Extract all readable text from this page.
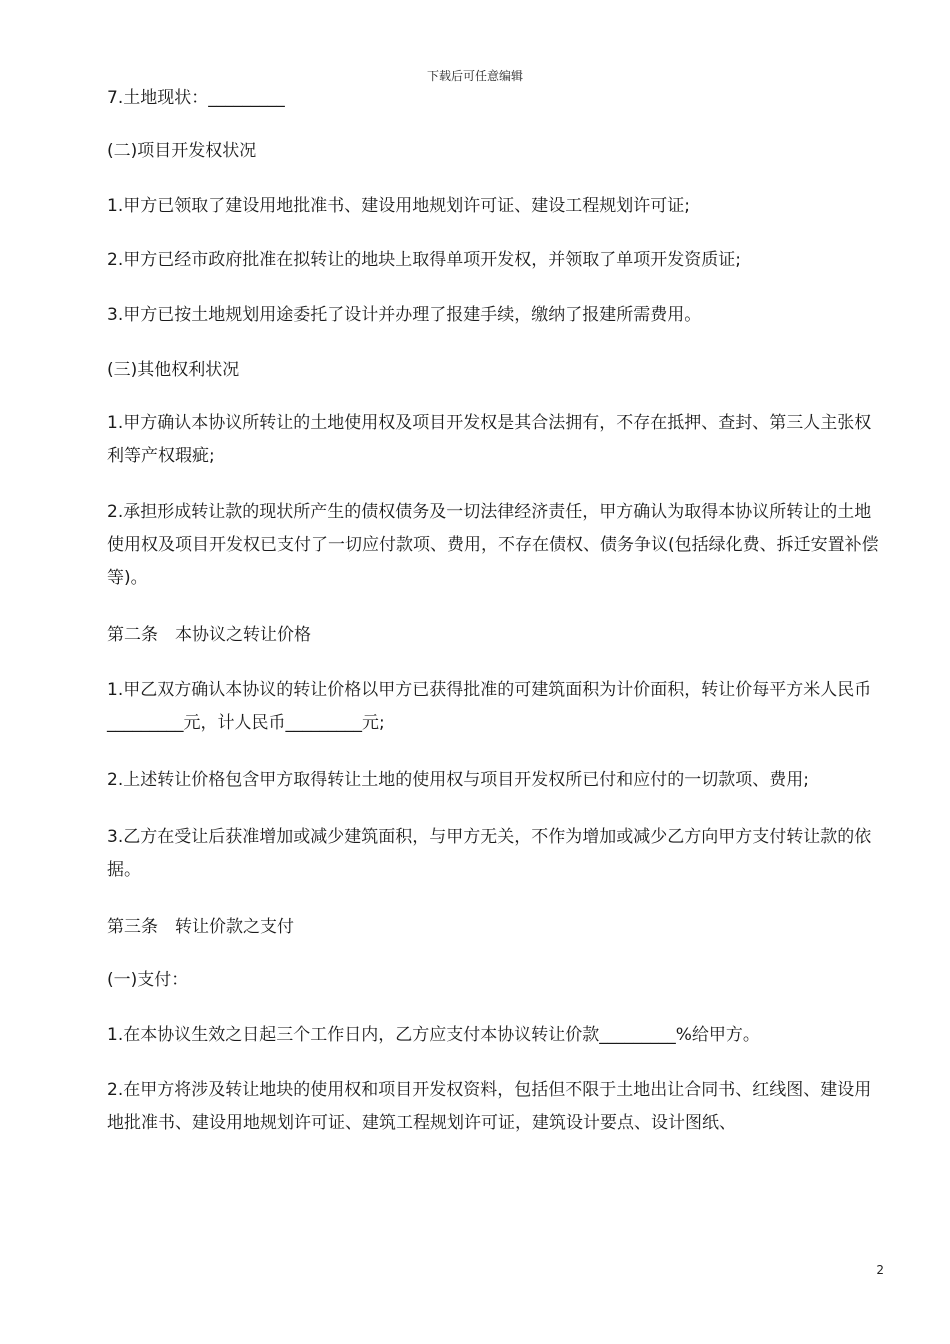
下载后可任意编辑

7.土地现状：_________

(二)项目开发权状况

1.甲方已领取了建设用地批准书、建设用地规划许可证、建设工程规划许可证;

2.甲方已经市政府批准在拟转让的地块上取得单项开发权，并领取了单项开发资质证;

3.甲方已按土地规划用途委托了设计并办理了报建手续，缴纳了报建所需费用。

(三)其他权利状况

1.甲方确认本协议所转让的土地使用权及项目开发权是其合法拥有，不存在抵押、查封、第三人主张权利等产权瑕疵;

2.承担形成转让款的现状所产生的债权债务及一切法律经济责任，甲方确认为取得本协议所转让的土地使用权及项目开发权已支付了一切应付款项、费用，不存在债权、债务争议(包括绿化费、拆迁安置补偿等)。

第二条　本协议之转让价格

1.甲乙双方确认本协议的转让价格以甲方已获得批准的可建筑面积为计价面积，转让价每平方米人民币_________元，计人民币_________元;

2.上述转让价格包含甲方取得转让土地的使用权与项目开发权所已付和应付的一切款项、费用;

3.乙方在受让后获准增加或减少建筑面积，与甲方无关，不作为增加或减少乙方向甲方支付转让款的依据。

第三条　转让价款之支付

(一)支付：

1.在本协议生效之日起三个工作日内，乙方应支付本协议转让价款_________%给甲方。

2.在甲方将涉及转让地块的使用权和项目开发权资料，包括但不限于土地出让合同书、红线图、建设用地批准书、建设用地规划许可证、建筑工程规划许可证，建筑设计要点、设计图纸、

2
